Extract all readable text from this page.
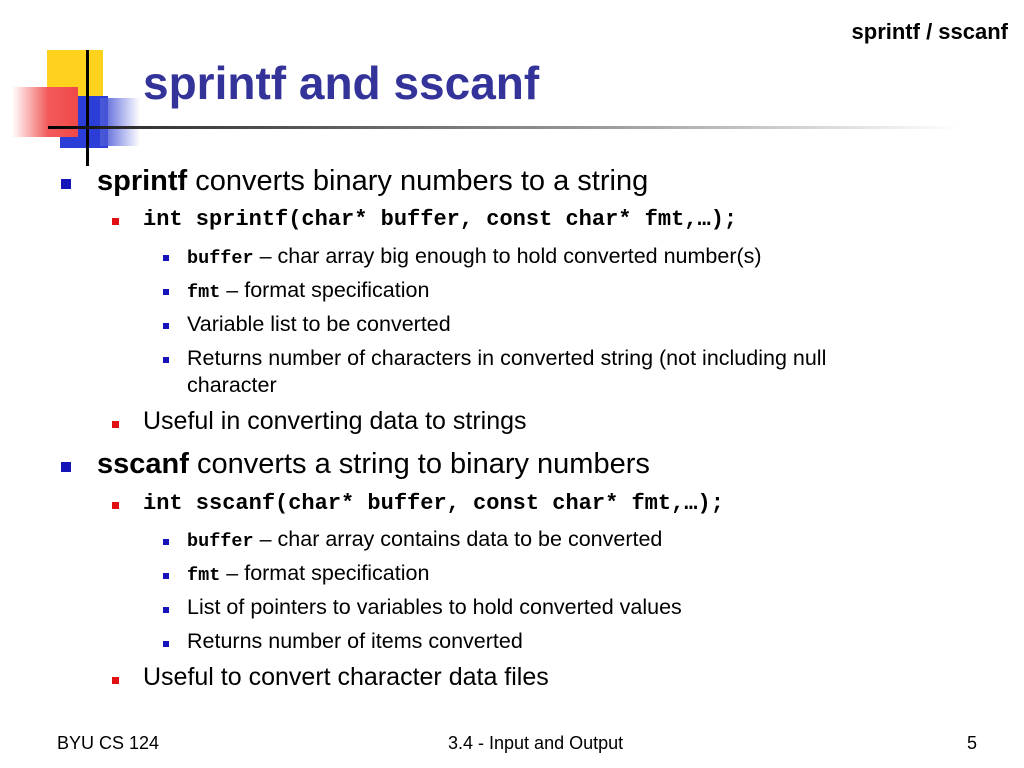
sprintf / sscanf
sprintf and sscanf
sprintf converts binary numbers to a string
int sprintf(char* buffer, const char* fmt,…);
buffer – char array big enough to hold converted number(s)
fmt – format specification
Variable list to be converted
Returns number of characters in converted string (not including null
character
Useful in converting data to strings
sscanf converts a string to binary numbers
int sscanf(char* buffer, const char* fmt,…);
buffer – char array contains data to be converted
fmt – format specification
List of pointers to variables to hold converted values
Returns number of items converted
Useful to convert character data files
BYU CS 124	3.4 - Input and Output	5
